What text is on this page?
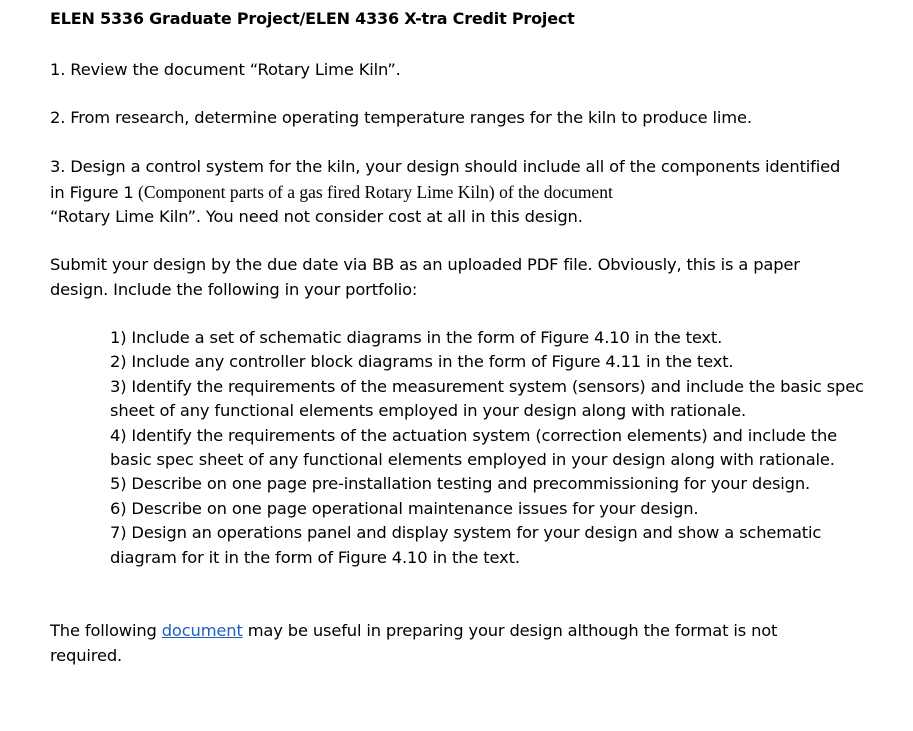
ELEN 5336 Graduate Project/ELEN 4336 X-tra Credit Project
1. Review the document “Rotary Lime Kiln”.
2. From research, determine operating temperature ranges for the kiln to produce lime.
3. Design a control system for the kiln, your design should include all of the components identified in Figure 1 (Component parts of a gas fired Rotary Lime Kiln) of the document
“Rotary Lime Kiln”. You need not consider cost at all in this design.
Submit your design by the due date via BB as an uploaded PDF file. Obviously, this is a paper design. Include the following in your portfolio:
1) Include a set of schematic diagrams in the form of Figure 4.10 in the text.
2) Include any controller block diagrams in the form of Figure 4.11 in the text.
3) Identify the requirements of the measurement system (sensors) and include the basic spec sheet of any functional elements employed in your design along with rationale.
4) Identify the requirements of the actuation system (correction elements) and include the basic spec sheet of any functional elements employed in your design along with rationale.
5) Describe on one page pre-installation testing and precommissioning for your design.
6) Describe on one page operational maintenance issues for your design.
7) Design an operations panel and display system for your design and show a schematic diagram for it in the form of Figure 4.10 in the text.
The following document may be useful in preparing your design although the format is not required.
